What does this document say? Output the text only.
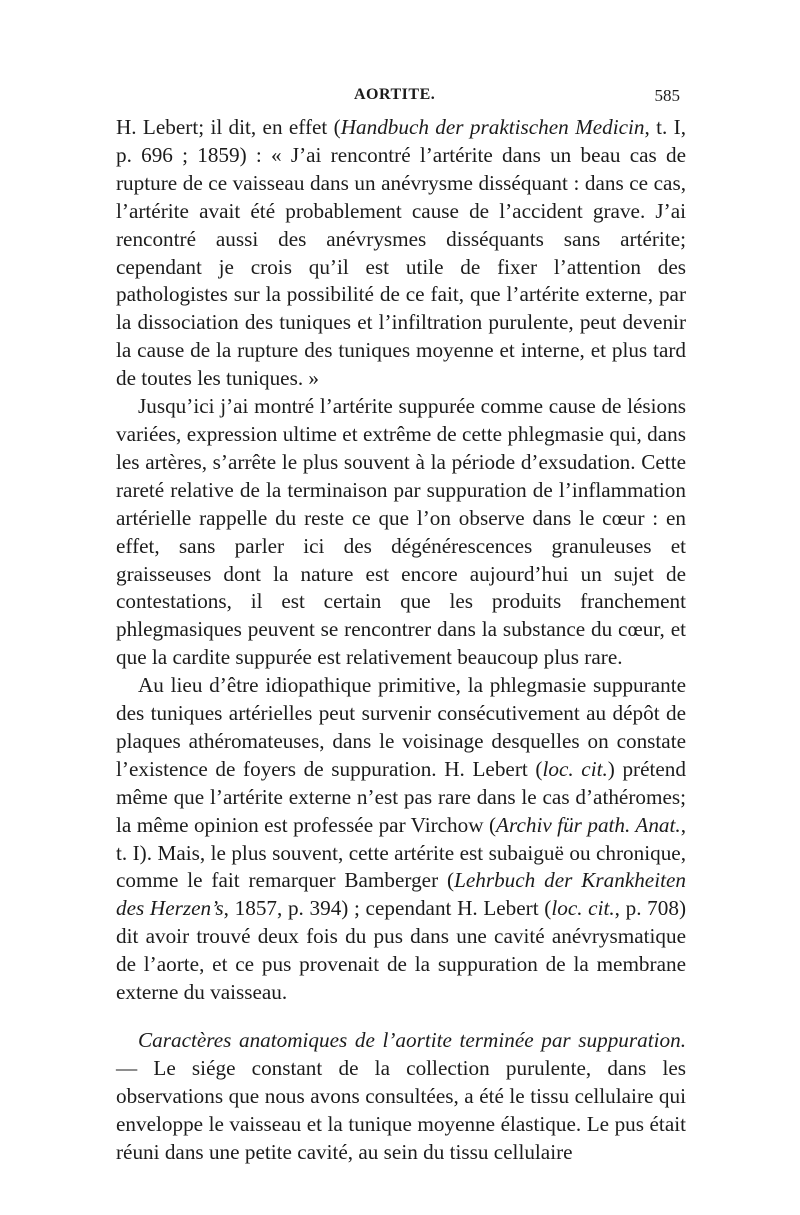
AORTITE.	585

H. Lebert; il dit, en effet (Handbuch der praktischen Medicin, t. I, p. 696 ; 1859) : « J’ai rencontré l’artérite dans un beau cas de rupture de ce vaisseau dans un anévrysme disséquant : dans ce cas, l’artérite avait été probablement cause de l’accident grave. J’ai rencontré aussi des anévrysmes disséquants sans artérite; cependant je crois qu’il est utile de fixer l’attention des pathologistes sur la possibilité de ce fait, que l’artérite externe, par la dissociation des tuniques et l’infiltration purulente, peut devenir la cause de la rupture des tuniques moyenne et interne, et plus tard de toutes les tuniques. »

Jusqu’ici j’ai montré l’artérite suppurée comme cause de lésions variées, expression ultime et extrême de cette phlegmasie qui, dans les artères, s’arrête le plus souvent à la période d’exsudation. Cette rareté relative de la terminaison par suppuration de l’inflammation artérielle rappelle du reste ce que l’on observe dans le cœur : en effet, sans parler ici des dégénérescences granuleuses et graisseuses dont la nature est encore aujourd’hui un sujet de contestations, il est certain que les produits franchement phlegmasiques peuvent se rencontrer dans la substance du cœur, et que la cardite suppurée est relativement beaucoup plus rare.

Au lieu d’être idiopathique primitive, la phlegmasie suppurante des tuniques artérielles peut survenir consécutivement au dépôt de plaques athéromateuses, dans le voisinage desquelles on constate l’existence de foyers de suppuration. H. Lebert (loc. cit.) prétend même que l’artérite externe n’est pas rare dans le cas d’athéromes; la même opinion est professée par Virchow (Archiv für path. Anat., t. I). Mais, le plus souvent, cette artérite est subaiguë ou chronique, comme le fait remarquer Bamberger (Lehrbuch der Krankheiten des Herzen’s, 1857, p. 394) ; cependant H. Lebert (loc. cit., p. 708) dit avoir trouvé deux fois du pus dans une cavité anévrysmatique de l’aorte, et ce pus provenait de la suppuration de la membrane externe du vaisseau.

Caractères anatomiques de l’aortite terminée par suppuration. — Le siége constant de la collection purulente, dans les observations que nous avons consultées, a été le tissu cellulaire qui enveloppe le vaisseau et la tunique moyenne élastique. Le pus était réuni dans une petite cavité, au sein du tissu cellulaire
